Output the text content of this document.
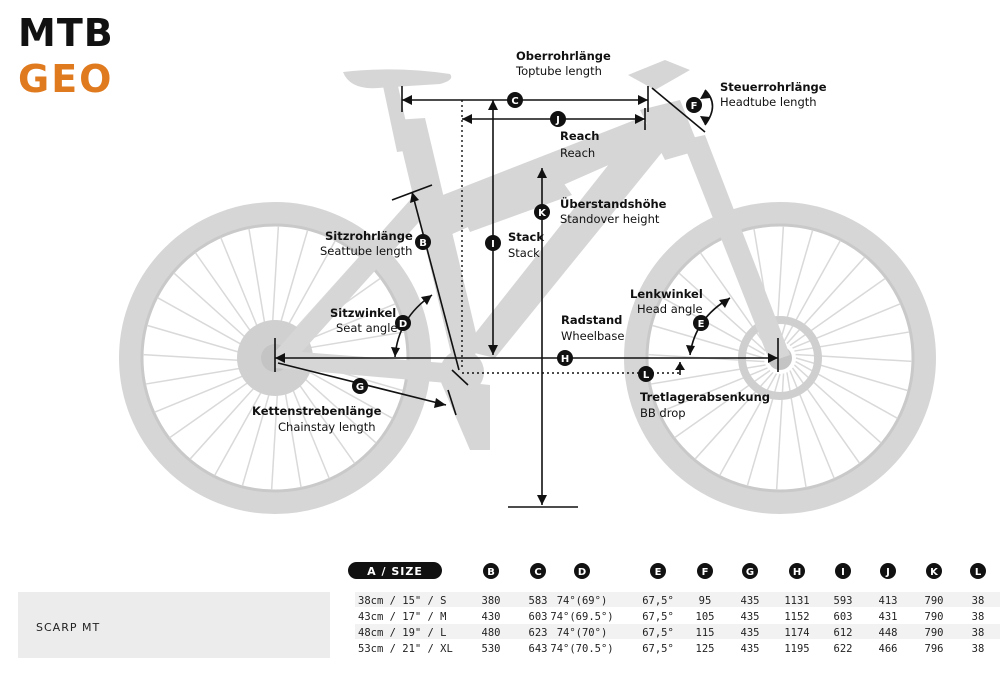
MTB
GEO
C
J
F
K
I
B
D	E
H
L
G
Oberrohrlänge
Toptube length
Steuerrohrlänge
Headtube length
Reach
Reach
Überstandshöhe
Standover height
Stack
Stack
Sitzrohrlänge
Seattube length
Sitzwinkel
Seat angle
Radstand
Wheelbase
Lenkwinkel
Head angle
Tretlagerabsenkung
BB drop
Kettenstrebenlänge
Chainstay length
SCARP MT
A / SIZE	B	C	D	E	F	G	H	I	J	K	L
38cm / 15" / S	380	583 74°(69°)	67,5° 95	435 1131 593 413	790	38
43cm / 17" / M	430	603 74°(69.5°)	67,5° 105 435 1152 603 431	790	38
48cm / 19" / L	480	623 74°(70°)	67,5° 115 435 1174 612 448	790	38
53cm / 21" / XL	530	643 74°(70.5°)	67,5° 125 435 1195 622 466	796	38
